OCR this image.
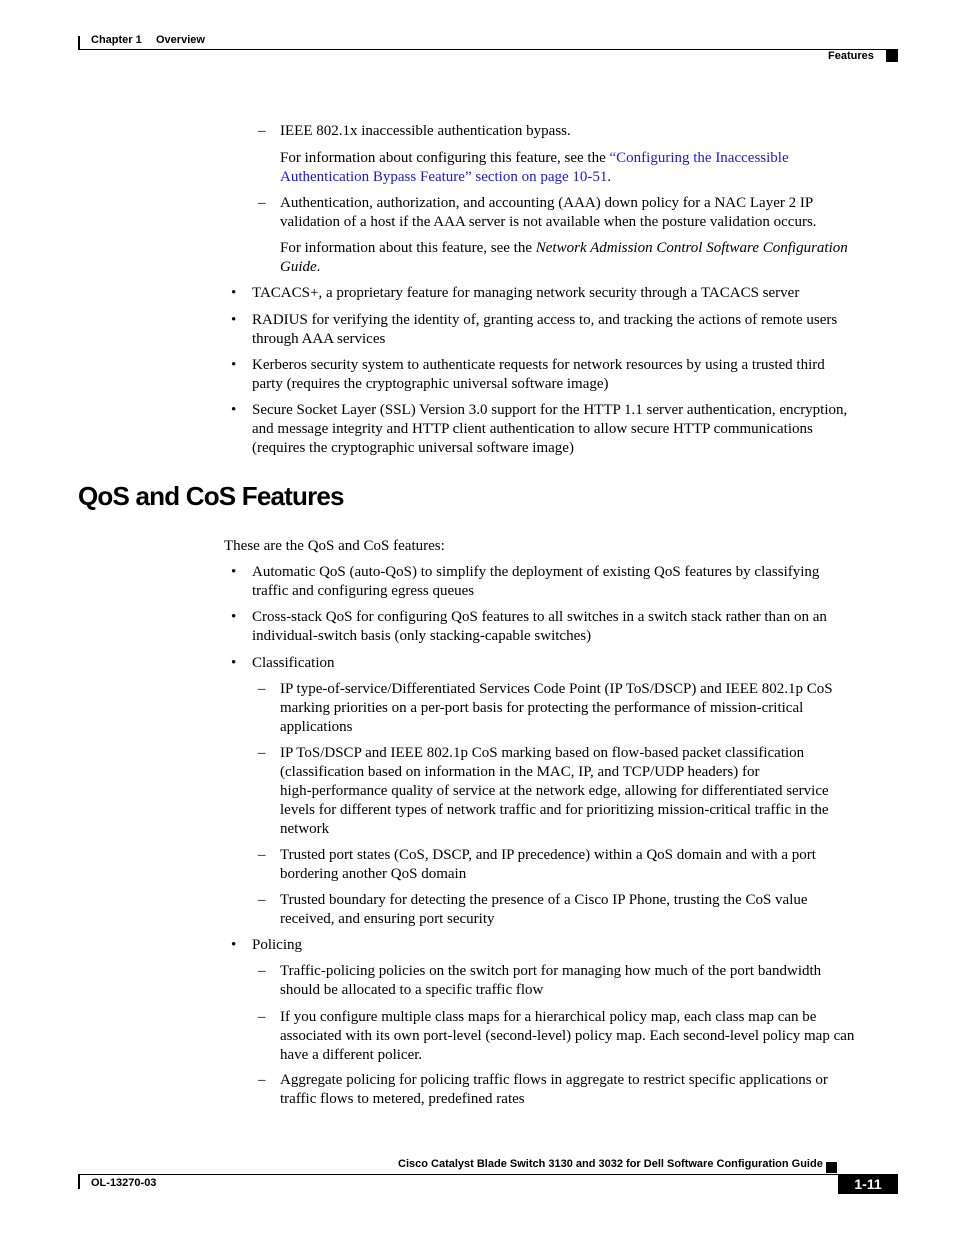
Chapter 1 Overview
Features
– IEEE 802.1x inaccessible authentication bypass.
For information about configuring this feature, see the “Configuring the Inaccessible
Authentication Bypass Feature” section on page 10-51.
– Authentication, authorization, and accounting (AAA) down policy for a NAC Layer 2 IP
validation of a host if the AAA server is not available when the posture validation occurs.
For information about this feature, see the Network Admission Control Software Configuration
Guide.
• TACACS+, a proprietary feature for managing network security through a TACACS server
• RADIUS for verifying the identity of, granting access to, and tracking the actions of remote users
through AAA services
• Kerberos security system to authenticate requests for network resources by using a trusted third
party (requires the cryptographic universal software image)
• Secure Socket Layer (SSL) Version 3.0 support for the HTTP 1.1 server authentication, encryption,
and message integrity and HTTP client authentication to allow secure HTTP communications
(requires the cryptographic universal software image)
QoS and CoS Features
These are the QoS and CoS features:
• Automatic QoS (auto-QoS) to simplify the deployment of existing QoS features by classifying
traffic and configuring egress queues
• Cross-stack QoS for configuring QoS features to all switches in a switch stack rather than on an
individual-switch basis (only stacking-capable switches)
• Classification
– IP type-of-service/Differentiated Services Code Point (IP ToS/DSCP) and IEEE 802.1p CoS
marking priorities on a per-port basis for protecting the performance of mission-critical
applications
– IP ToS/DSCP and IEEE 802.1p CoS marking based on flow-based packet classification
(classification based on information in the MAC, IP, and TCP/UDP headers) for
high-performance quality of service at the network edge, allowing for differentiated service
levels for different types of network traffic and for prioritizing mission-critical traffic in the
network
– Trusted port states (CoS, DSCP, and IP precedence) within a QoS domain and with a port
bordering another QoS domain
– Trusted boundary for detecting the presence of a Cisco IP Phone, trusting the CoS value
received, and ensuring port security
• Policing
– Traffic-policing policies on the switch port for managing how much of the port bandwidth
should be allocated to a specific traffic flow
– If you configure multiple class maps for a hierarchical policy map, each class map can be
associated with its own port-level (second-level) policy map. Each second-level policy map can
have a different policer.
– Aggregate policing for policing traffic flows in aggregate to restrict specific applications or
traffic flows to metered, predefined rates
Cisco Catalyst Blade Switch 3130 and 3032 for Dell Software Configuration Guide
OL-13270-03	1-11
